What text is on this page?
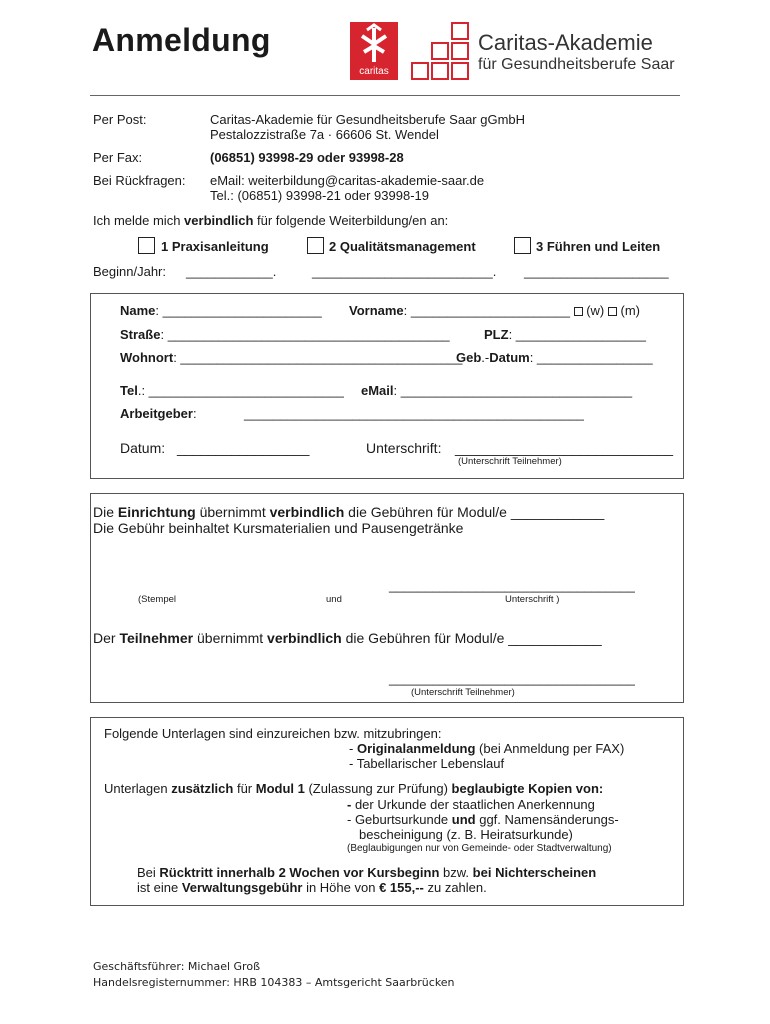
Anmeldung
caritas
Caritas-Akademie
für Gesundheitsberufe Saar
Per Post:	Caritas-Akademie für Gesundheitsberufe Saar gGmbH
Pestalozzistraße 7a · 66606 St. Wendel
Per Fax:	(06851) 93998-29 oder 93998-28
Bei Rückfragen: eMail: weiterbildung@caritas-akademie-saar.de
Tel.: (06851) 93998-21 oder 93998-19
Ich melde mich verbindlich für folgende Weiterbildung/en an:
1 Praxisanleitung	2 Qualitätsmanagement	3 Führen und Leiten
Beginn/Jahr: ____________.	_________________________. ____________________
Name: ______________________ Vorname: ______________________ (w) (m)
Straße: _______________________________________	PLZ: __________________
Wohnort: _______________________________________
Geb.-Datum: ________________
Tel.: ___________________________ eMail: ________________________________
Arbeitgeber:	_______________________________________________
Datum: _________________	Unterschrift: ____________________________
(Unterschrift Teilnehmer)
Die Einrichtung übernimmt verbindlich die Gebühren für Modul/e ____________
Die Gebühr beinhaltet Kursmaterialien und Pausengetränke
__________________________________
(Stempel	und	Unterschrift )
Der Teilnehmer übernimmt verbindlich die Gebühren für Modul/e ____________
__________________________________
(Unterschrift Teilnehmer)
Folgende Unterlagen sind einzureichen bzw. mitzubringen:
- Originalanmeldung (bei Anmeldung per FAX)
- Tabellarischer Lebenslauf
Unterlagen zusätzlich für Modul 1 (Zulassung zur Prüfung) beglaubigte Kopien von:
- der Urkunde der staatlichen Anerkennung
- Geburtsurkunde und ggf. Namensänderungs-
bescheinigung (z. B. Heiratsurkunde)
(Beglaubigungen nur von Gemeinde- oder Stadtverwaltung)
Bei Rücktritt innerhalb 2 Wochen vor Kursbeginn bzw. bei Nichterscheinen
ist eine Verwaltungsgebühr in Höhe von € 155,-- zu zahlen.
Geschäftsführer: Michael Groß
Handelsregisternummer: HRB 104383 – Amtsgericht Saarbrücken
